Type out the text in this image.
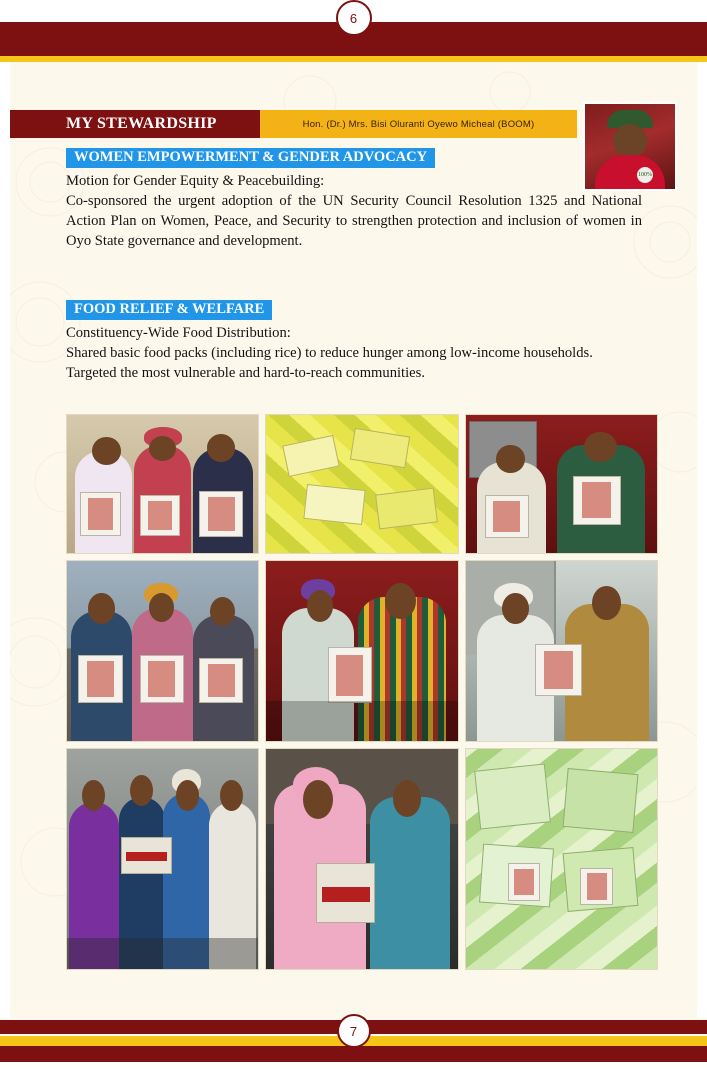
6
MY STEWARDSHIP	Hon. (Dr.) Mrs. Bisi Oluranti Oyewo Micheal (BOOM)
100%
WOMEN EMPOWERMENT & GENDER ADVOCACY
Motion for Gender Equity & Peacebuilding:
Co-sponsored the urgent adoption of the UN Security Council Resolution 1325 and National Action Plan on Women, Peace, and Security to strengthen protection and inclusion of women in Oyo State governance and development.
FOOD RELIEF & WELFARE
Constituency-Wide Food Distribution:
Shared basic food packs (including rice) to reduce hunger among low-income households.
Targeted the most vulnerable and hard-to-reach communities.
7
